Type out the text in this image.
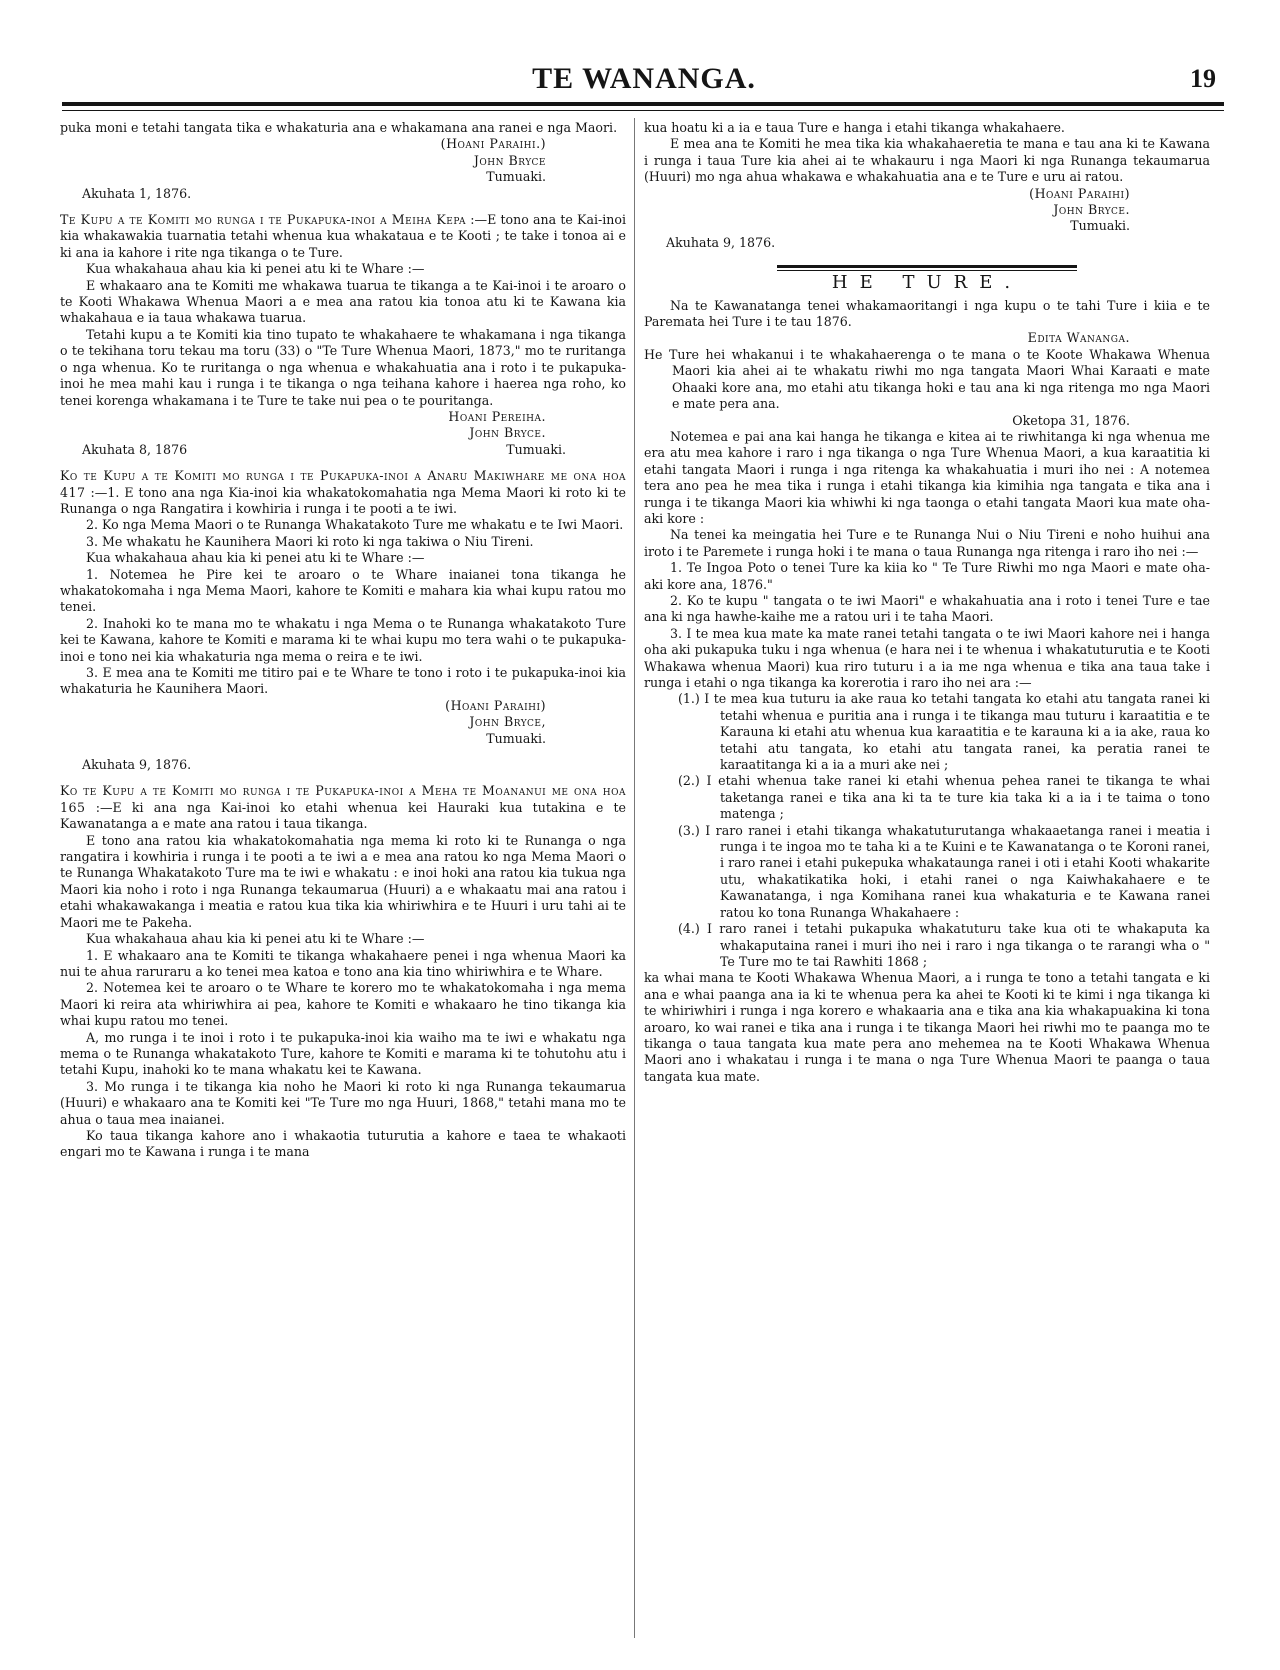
TE WANANGA.	19

puka moni e tetahi tangata tika e whakaturia ana e whakamana ana ranei e nga Maori.

(Hoani Paraihi.)

John Bryce

Tumuaki.

Akuhata 1, 1876.

Te Kupu a te Komiti mo runga i te Pukapuka-inoi a Meiha Kepa :—E tono ana te Kai-inoi kia whakawakia tuarnatia tetahi whenua kua whakataua e te Kooti ; te take i tonoa ai e ki ana ia kahore i rite nga tikanga o te Ture.

Kua whakahaua ahau kia ki penei atu ki te Whare :—

E whakaaro ana te Komiti me whakawa tuarua te tikanga a te Kai-inoi i te aroaro o te Kooti Whakawa Whenua Maori a e mea ana ratou kia tonoa atu ki te Kawana kia whakahaua e ia taua whakawa tuarua.

Tetahi kupu a te Komiti kia tino tupato te whakahaere te whakamana i nga tikanga o te tekihana toru tekau ma toru (33) o "Te Ture Whenua Maori, 1873," mo te ruritanga o nga whenua. Ko te ruritanga o nga whenua e whakahuatia ana i roto i te pukapuka-inoi he mea mahi kau i runga i te tikanga o nga teihana kahore i haerea nga roho, ko tenei korenga whakamana i te Ture te take nui pea o te pouritanga.

Hoani Pereiha.

John Bryce.

Akuhata 8, 1876	Tumuaki.

Ko te Kupu a te Komiti mo runga i te Pukapuka-inoi a Anaru Makiwhare me ona hoa 417 :—1. E tono ana nga Kia-inoi kia whakatokomahatia nga Mema Maori ki roto ki te Runanga o nga Rangatira i kowhiria i runga i te pooti a te iwi.

2. Ko nga Mema Maori o te Runanga Whakatakoto Ture me whakatu e te Iwi Maori.

3. Me whakatu he Kaunihera Maori ki roto ki nga takiwa o Niu Tireni.

Kua whakahaua ahau kia ki penei atu ki te Whare :—

1. Notemea he Pire kei te aroaro o te Whare inaianei tona tikanga he whakatokomaha i nga Mema Maori, kahore te Komiti e mahara kia whai kupu ratou mo tenei.

2. Inahoki ko te mana mo te whakatu i nga Mema o te Runanga whakatakoto Ture kei te Kawana, kahore te Komiti e marama ki te whai kupu mo tera wahi o te pukapuka-inoi e tono nei kia whakaturia nga mema o reira e te iwi.

3. E mea ana te Komiti me titiro pai e te Whare te tono i roto i te pukapuka-inoi kia whakaturia he Kaunihera Maori.

(Hoani Paraihi)

John Bryce,

Tumuaki.

Akuhata 9, 1876.

Ko te Kupu a te Komiti mo runga i te Pukapuka-inoi a Meha te Moananui me ona hoa 165 :—E ki ana nga Kai-inoi ko etahi whenua kei Hauraki kua tutakina e te Kawanatanga a e mate ana ratou i taua tikanga.

E tono ana ratou kia whakatokomahatia nga mema ki roto ki te Runanga o nga rangatira i kowhiria i runga i te pooti a te iwi a e mea ana ratou ko nga Mema Maori o te Runanga Whakatakoto Ture ma te iwi e whakatu : e inoi hoki ana ratou kia tukua nga Maori kia noho i roto i nga Runanga tekaumarua (Huuri) a e whakaatu mai ana ratou i etahi whakawakanga i meatia e ratou kua tika kia whiriwhira e te Huuri i uru tahi ai te Maori me te Pakeha.

Kua whakahaua ahau kia ki penei atu ki te Whare :—

1. E whakaaro ana te Komiti te tikanga whakahaere penei i nga whenua Maori ka nui te ahua raruraru a ko tenei mea katoa e tono ana kia tino whiriwhira e te Whare.

2. Notemea kei te aroaro o te Whare te korero mo te whakatokomaha i nga mema Maori ki reira ata whiriwhira ai pea, kahore te Komiti e whakaaro he tino tikanga kia whai kupu ratou mo tenei.

A, mo runga i te inoi i roto i te pukapuka-inoi kia waiho ma te iwi e whakatu nga mema o te Runanga whakatakoto Ture, kahore te Komiti e marama ki te tohutohu atu i tetahi Kupu, inahoki ko te mana whakatu kei te Kawana.

3. Mo runga i te tikanga kia noho he Maori ki roto ki nga Runanga tekaumarua (Huuri) e whakaaro ana te Komiti kei "Te Ture mo nga Huuri, 1868," tetahi mana mo te ahua o taua mea inaianei.

Ko taua tikanga kahore ano i whakaotia tuturutia a kahore e taea te whakaoti engari mo te Kawana i runga i te mana

kua hoatu ki a ia e taua Ture e hanga i etahi tikanga whakahaere.

E mea ana te Komiti he mea tika kia whakahaeretia te mana e tau ana ki te Kawana i runga i taua Ture kia ahei ai te whakauru i nga Maori ki nga Runanga tekaumarua (Huuri) mo nga ahua whakawa e whakahuatia ana e te Ture e uru ai ratou.

(Hoani Paraihi)

John Bryce.

Tumuaki.

Akuhata 9, 1876.

HE TURE.

Na te Kawanatanga tenei whakamaoritangi i nga kupu o te tahi Ture i kiia e te Paremata hei Ture i te tau 1876.

Edita Wananga.

He Ture hei whakanui i te whakahaerenga o te mana o te Koote Whakawa Whenua Maori kia ahei ai te whakatu riwhi mo nga tangata Maori Whai Karaati e mate Ohaaki kore ana, mo etahi atu tikanga hoki e tau ana ki nga ritenga mo nga Maori e mate pera ana.

Oketopa 31, 1876.

Notemea e pai ana kai hanga he tikanga e kitea ai te riwhitanga ki nga whenua me era atu mea kahore i raro i nga tikanga o nga Ture Whenua Maori, a kua karaatitia ki etahi tangata Maori i runga i nga ritenga ka whakahuatia i muri iho nei : A notemea tera ano pea he mea tika i runga i etahi tikanga kia kimihia nga tangata e tika ana i runga i te tikanga Maori kia whiwhi ki nga taonga o etahi tangata Maori kua mate oha-aki kore :

Na tenei ka meingatia hei Ture e te Runanga Nui o Niu Tireni e noho huihui ana iroto i te Paremete i runga hoki i te mana o taua Runanga nga ritenga i raro iho nei :—

1. Te Ingoa Poto o tenei Ture ka kiia ko " Te Ture Riwhi mo nga Maori e mate oha-aki kore ana, 1876."

2. Ko te kupu " tangata o te iwi Maori" e whakahuatia ana i roto i tenei Ture e tae ana ki nga hawhe-kaihe me a ratou uri i te taha Maori.

3. I te mea kua mate ka mate ranei tetahi tangata o te iwi Maori kahore nei i hanga oha aki pukapuka tuku i nga whenua (e hara nei i te whenua i whakatuturutia e te Kooti Whakawa whenua Maori) kua riro tuturu i a ia me nga whenua e tika ana taua take i runga i etahi o nga tikanga ka korerotia i raro iho nei ara :—

(1.) I te mea kua tuturu ia ake raua ko tetahi tangata ko etahi atu tangata ranei ki tetahi whenua e puritia ana i runga i te tikanga mau tuturu i karaatitia e te Karauna ki etahi atu whenua kua karaatitia e te karauna ki a ia ake, raua ko tetahi atu tangata, ko etahi atu tangata ranei, ka peratia ranei te karaatitanga ki a ia a muri ake nei ;

(2.) I etahi whenua take ranei ki etahi whenua pehea ranei te tikanga te whai taketanga ranei e tika ana ki ta te ture kia taka ki a ia i te taima o tono matenga ;

(3.) I raro ranei i etahi tikanga whakatuturutanga whakaaetanga ranei i meatia i runga i te ingoa mo te taha ki a te Kuini e te Kawanatanga o te Koroni ranei, i raro ranei i etahi pukepuka whakataunga ranei i oti i etahi Kooti whakarite utu, whakatikatika hoki, i etahi ranei o nga Kaiwhakahaere e te Kawanatanga, i nga Komihana ranei kua whakaturia e te Kawana ranei ratou ko tona Runanga Whakahaere :

(4.) I raro ranei i tetahi pukapuka whakatuturu take kua oti te whakaputa ka whakaputaina ranei i muri iho nei i raro i nga tikanga o te rarangi wha o " Te Ture mo te tai Rawhiti 1868 ;

ka whai mana te Kooti Whakawa Whenua Maori, a i runga te tono a tetahi tangata e ki ana e whai paanga ana ia ki te whenua pera ka ahei te Kooti ki te kimi i nga tikanga ki te whiriwhiri i runga i nga korero e whakaaria ana e tika ana kia whakapuakina ki tona aroaro, ko wai ranei e tika ana i runga i te tikanga Maori hei riwhi mo te paanga mo te tikanga o taua tangata kua mate pera ano mehemea na te Kooti Whakawa Whenua Maori ano i whakatau i runga i te mana o nga Ture Whenua Maori te paanga o taua tangata kua mate.
